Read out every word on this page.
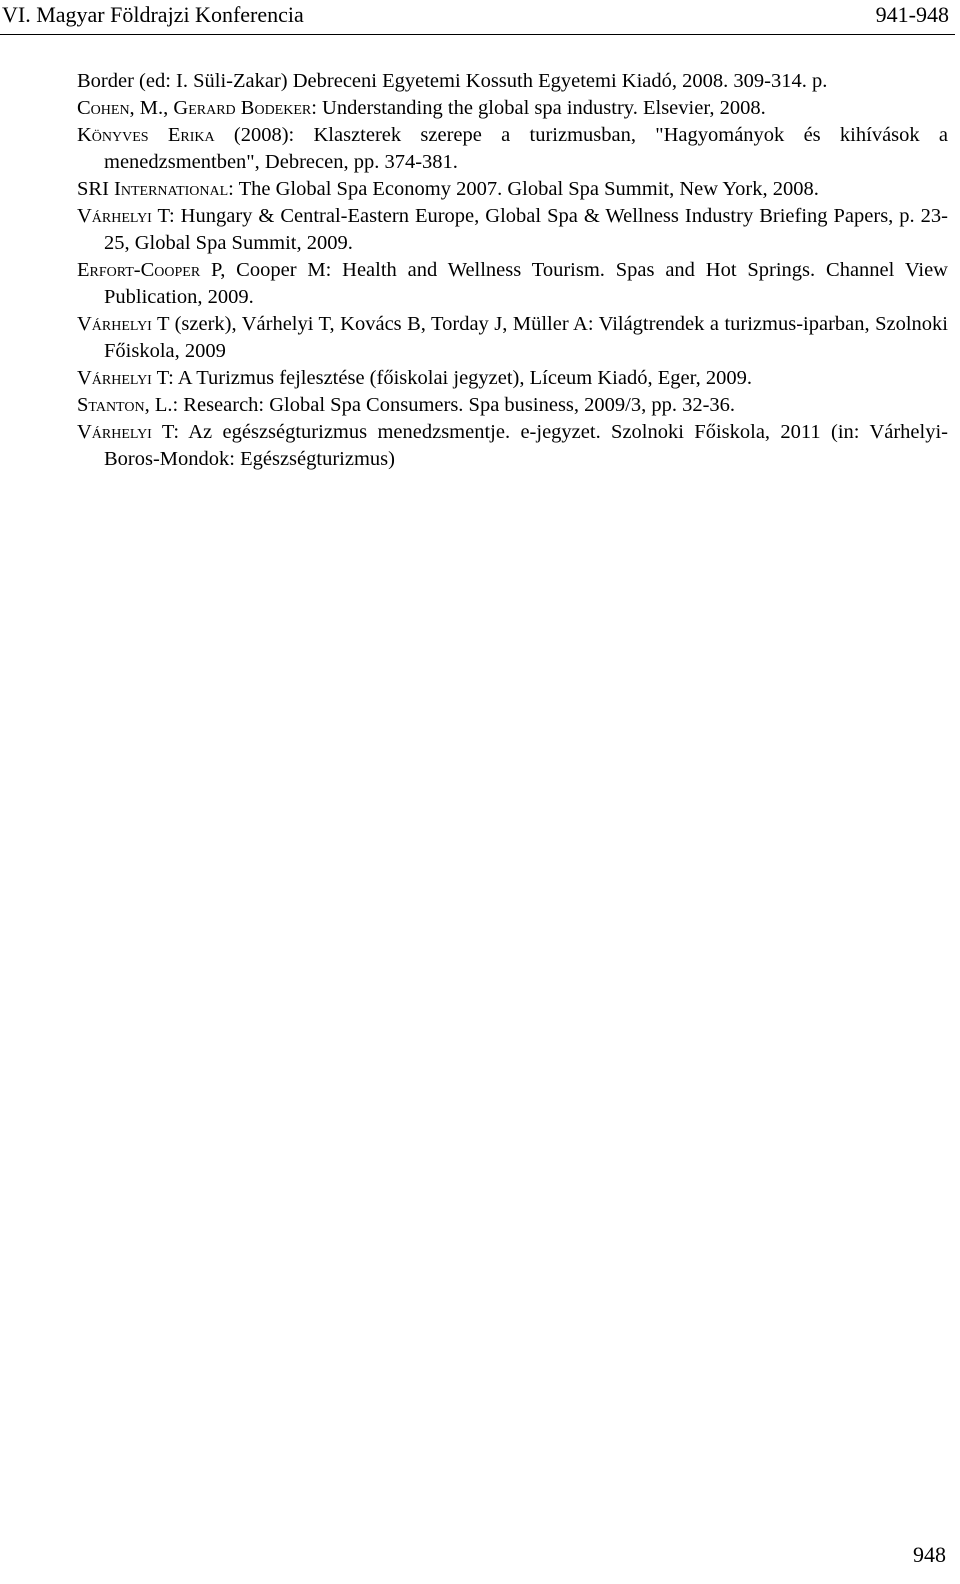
VI. Magyar Földrajzi Konferencia	941-948

Border (ed: I. Süli-Zakar) Debreceni Egyetemi Kossuth Egyetemi Kiadó, 2008. 309-314. p.

Cohen, M., Gerard Bodeker: Understanding the global spa industry. Elsevier, 2008.

Könyves Erika (2008): Klaszterek szerepe a turizmusban, "Hagyományok és kihívások a menedzsmentben", Debrecen, pp. 374-381.

SRI International: The Global Spa Economy 2007. Global Spa Summit, New York, 2008.

Várhelyi T: Hungary & Central-Eastern Europe, Global Spa & Wellness Industry Briefing Papers, p. 23-25, Global Spa Summit, 2009.

Erfort-Cooper P, Cooper M: Health and Wellness Tourism. Spas and Hot Springs. Channel View Publication, 2009.

Várhelyi T (szerk), Várhelyi T, Kovács B, Torday J, Müller A: Világtrendek a turizmus-iparban, Szolnoki Főiskola, 2009

Várhelyi T: A Turizmus fejlesztése (főiskolai jegyzet), Líceum Kiadó, Eger, 2009.

Stanton, L.: Research: Global Spa Consumers. Spa business, 2009/3, pp. 32-36.

Várhelyi T: Az egészségturizmus menedzsmentje. e-jegyzet. Szolnoki Főiskola, 2011 (in: Várhelyi-Boros-Mondok: Egészségturizmus)

948
